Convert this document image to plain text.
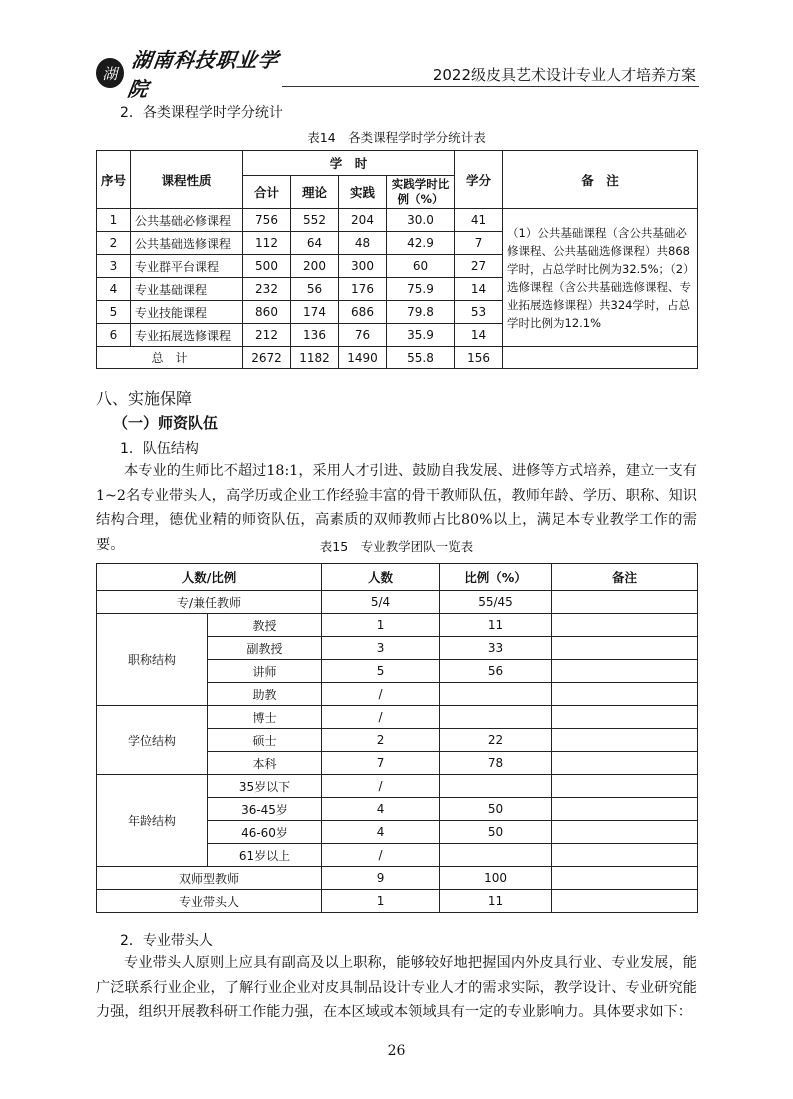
湖
湖南科技职业学院
2022级皮具艺术设计专业人才培养方案
2．各类课程学时学分统计
表14　各类课程学时学分统计表
序号	课程性质	学　时				学分	备　注
		合计	理论	实践	实践学时比例（%）		
1	公共基础必修课程	756	552	204	30.0	41	（1）公共基础课程（含公共基础必修课程、公共基础选修课程）共868学时，占总学时比例为32.5%；（2）选修课程（含公共基础选修课程、专业拓展选修课程）共324学时，占总学时比例为12.1%
2	公共基础选修课程	112	64	48	42.9	7	
3	专业群平台课程	500	200	300	60	27	
4	专业基础课程	232	56	176	75.9	14	
5	专业技能课程	860	174	686	79.8	53	
6	专业拓展选修课程	212	136	76	35.9	14	
总　计		2672	1182	1490	55.8	156	
八、实施保障
（一）师资队伍
1．队伍结构
本专业的生师比不超过18:1，采用人才引进、鼓励自我发展、进修等方式培养，建立一支有1~2名专业带头人，高学历或企业工作经验丰富的骨干教师队伍，教师年龄、学历、职称、知识结构合理，德优业精的师资队伍，高素质的双师教师占比80%以上，满足本专业教学工作的需要。	表15　专业教学团队一览表
人数/比例		人数	比例（%）	备注
专/兼任教师		5/4	55/45	
职称结构	教授	1	11	
	副教授	3	33	
	讲师	5	56	
	助教	/		
学位结构	博士	/		
	硕士	2	22	
	本科	7	78	
年龄结构	35岁以下	/		
	36-45岁	4	50	
	46-60岁	4	50	
	61岁以上	/		
双师型教师		9	100	
专业带头人		1	11	
2．专业带头人
专业带头人原则上应具有副高及以上职称，能够较好地把握国内外皮具行业、专业发展，能广泛联系行业企业，了解行业企业对皮具制品设计专业人才的需求实际，教学设计、专业研究能力强，组织开展教科研工作能力强，在本区域或本领域具有一定的专业影响力。具体要求如下：
26
